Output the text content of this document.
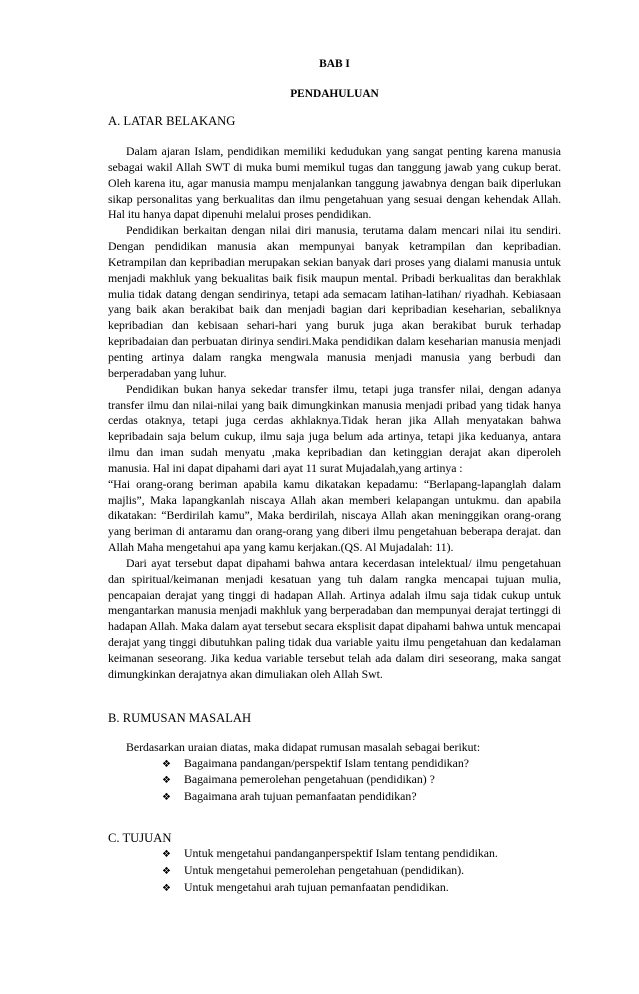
BAB I

PENDAHULUAN

A. LATAR BELAKANG

Dalam ajaran Islam, pendidikan memiliki kedudukan yang sangat penting karena manusia sebagai wakil Allah SWT di muka bumi memikul tugas dan tanggung jawab yang cukup berat. Oleh karena itu, agar manusia mampu menjalankan tanggung jawabnya dengan baik diperlukan sikap personalitas yang berkualitas dan ilmu pengetahuan yang sesuai dengan kehendak Allah. Hal itu hanya dapat dipenuhi melalui proses pendidikan.

Pendidikan berkaitan dengan nilai diri manusia, terutama dalam mencari nilai itu sendiri. Dengan pendidikan manusia akan mempunyai banyak ketrampilan dan kepribadian. Ketrampilan dan kepribadian merupakan sekian banyak dari proses yang dialami manusia untuk menjadi makhluk yang bekualitas baik fisik maupun mental. Pribadi berkualitas dan berakhlak mulia tidak datang dengan sendirinya, tetapi ada semacam latihan-latihan/ riyadhah. Kebiasaan yang baik akan berakibat baik dan menjadi bagian dari kepribadian keseharian, sebaliknya kepribadian dan kebisaan sehari-hari yang buruk juga akan berakibat buruk terhadap kepribadaian dan perbuatan dirinya sendiri.Maka pendidikan dalam keseharian manusia menjadi penting artinya dalam rangka mengwala manusia menjadi manusia yang berbudi dan berperadaban yang luhur.

Pendidikan bukan hanya sekedar transfer ilmu, tetapi juga transfer nilai, dengan adanya transfer ilmu dan nilai-nilai yang baik dimungkinkan manusia menjadi pribad yang tidak hanya cerdas otaknya, tetapi juga cerdas akhlaknya.Tidak heran jika Allah menyatakan bahwa kepribadain saja belum cukup, ilmu saja juga belum ada artinya, tetapi jika keduanya, antara ilmu dan iman sudah menyatu ,maka kepribadian dan ketinggian derajat akan diperoleh manusia. Hal ini dapat dipahami dari ayat 11 surat Mujadalah,yang artinya :

“Hai orang-orang beriman apabila kamu dikatakan kepadamu: “Berlapang-lapanglah dalam majlis”, Maka lapangkanlah niscaya Allah akan memberi kelapangan untukmu. dan apabila dikatakan: “Berdirilah kamu”, Maka berdirilah, niscaya Allah akan meninggikan orang-orang yang beriman di antaramu dan orang-orang yang diberi ilmu pengetahuan beberapa derajat. dan Allah Maha mengetahui apa yang kamu kerjakan.(QS. Al Mujadalah: 11).

Dari ayat tersebut dapat dipahami bahwa antara kecerdasan intelektual/ ilmu pengetahuan dan spiritual/keimanan menjadi kesatuan yang tuh dalam rangka mencapai tujuan mulia, pencapaian derajat yang tinggi di hadapan Allah. Artinya adalah ilmu saja tidak cukup untuk mengantarkan manusia menjadi makhluk yang berperadaban dan mempunyai derajat tertinggi di hadapan Allah. Maka dalam ayat tersebut secara eksplisit dapat dipahami bahwa untuk mencapai derajat yang tinggi dibutuhkan paling tidak dua variable yaitu ilmu pengetahuan dan kedalaman keimanan seseorang. Jika kedua variable tersebut telah ada dalam diri seseorang, maka sangat dimungkinkan derajatnya akan dimuliakan oleh Allah Swt.

B. RUMUSAN MASALAH

Berdasarkan uraian diatas, maka didapat rumusan masalah sebagai berikut:

❖	Bagaimana pandangan/perspektif Islam tentang pendidikan?
❖	Bagaimana pemerolehan pengetahuan (pendidikan) ?
❖	Bagaimana arah tujuan pemanfaatan pendidikan?

C. TUJUAN

❖	Untuk mengetahui pandanganperspektif Islam tentang pendidikan.
❖	Untuk mengetahui pemerolehan pengetahuan (pendidikan).
❖	Untuk mengetahui arah tujuan pemanfaatan pendidikan.
